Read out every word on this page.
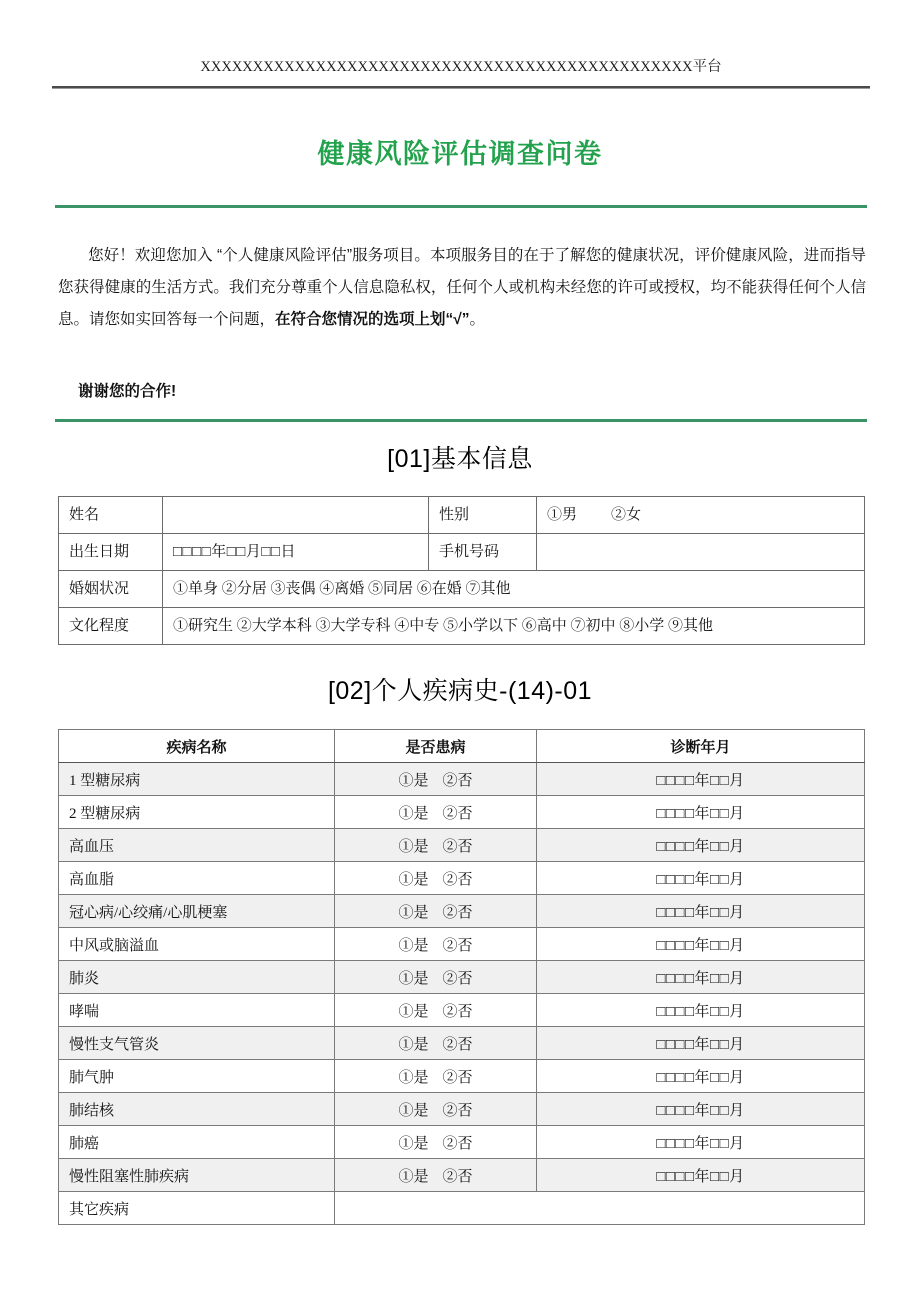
XXXXXXXXXXXXXXXXXXXXXXXXXXXXXXXXXXXXXXXXXXXXXXX平台
健康风险评估调查问卷
您好！欢迎您加入 “个人健康风险评估”服务项目。本项服务目的在于了解您的健康状况，评价健康风险，进而指导您获得健康的生活方式。我们充分尊重个人信息隐私权，任何个人或机构未经您的许可或授权，均不能获得任何个人信息。请您如实回答每一个问题，在符合您情况的选项上划“√”。
谢谢您的合作!
[01]基本信息
姓名		性别	①男 ②女
出生日期	□□□□年□□月□□日	手机号码	
婚姻状况	①单身 ②分居 ③丧偶 ④离婚 ⑤同居 ⑥在婚 ⑦其他		
文化程度	①研究生 ②大学本科 ③大学专科 ④中专 ⑤小学以下 ⑥高中 ⑦初中 ⑧小学 ⑨其他		
[02]个人疾病史-(14)-01
疾病名称	是否患病	诊断年月
1 型糖尿病	①是 ②否	□□□□年□□月
2 型糖尿病	①是 ②否	□□□□年□□月
高血压	①是 ②否	□□□□年□□月
高血脂	①是 ②否	□□□□年□□月
冠心病/心绞痛/心肌梗塞	①是 ②否	□□□□年□□月
中风或脑溢血	①是 ②否	□□□□年□□月
肺炎	①是 ②否	□□□□年□□月
哮喘	①是 ②否	□□□□年□□月
慢性支气管炎	①是 ②否	□□□□年□□月
肺气肿	①是 ②否	□□□□年□□月
肺结核	①是 ②否	□□□□年□□月
肺癌	①是 ②否	□□□□年□□月
慢性阻塞性肺疾病	①是 ②否	□□□□年□□月
其它疾病		
